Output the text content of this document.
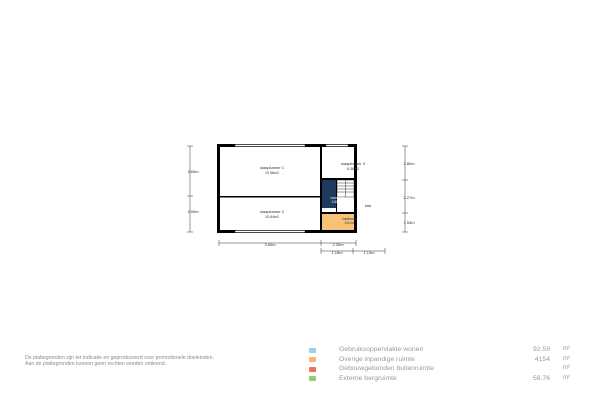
slaapkamer 1
10.58m2
slaapkamer 2
10.84m2
slaapkamer 3
6.38m2
overloop
2.68m2
kast
badkamer
3.61m2
3.60m
2.90m
2.80m
2.27m
1.53m
3.60m	2.30m
1.18m	1.13m
De plattegronden zijn ter indicatie en geproduceerd voor promotionele doeleinden.
Aan de plattegronden kunnen geen rechten worden ontleend.
Gebruiksoppervlakte wonen	92.59 m²
Overige inpandige ruimte	4154 m²
Gebouwgebonden buitenruimte	m²
Externe bergruimte	56.76 m²
